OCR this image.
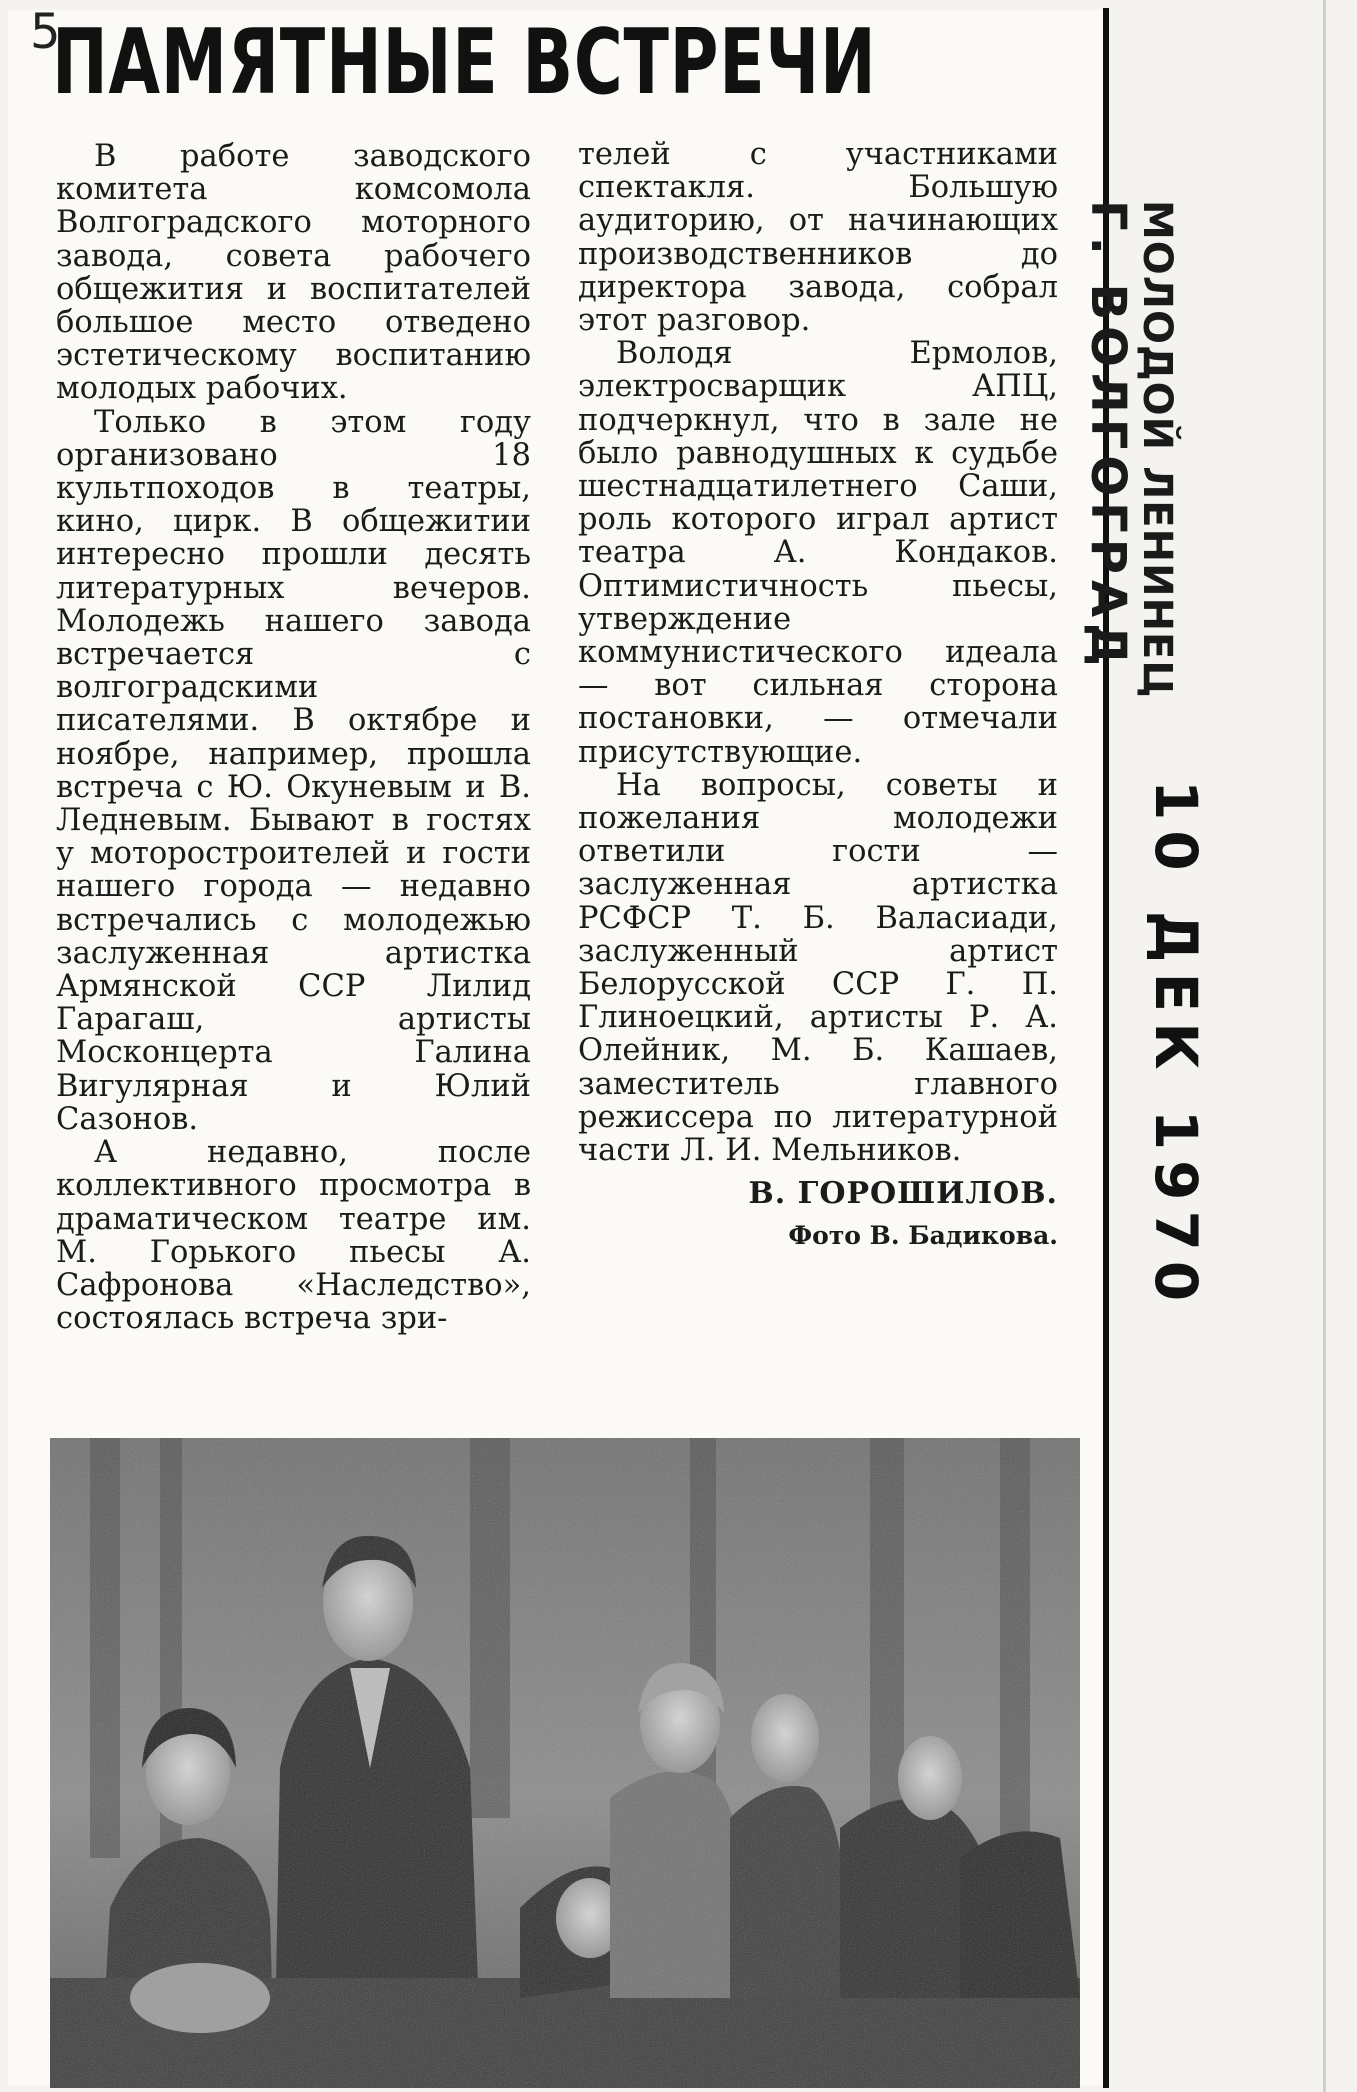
5
ПАМЯТНЫЕ ВСТРЕЧИ

В работе заводского комитета комсомола Волгоградского моторного завода, совета рабочего общежития и воспитателей большое место отведено эстетическому воспитанию молодых рабочих.

Только в этом году организовано 18 культпоходов в театры, кино, цирк. В общежитии интересно прошли десять литературных вечеров. Молодежь нашего завода встречается с волгоградскими писателями. В октябре и ноябре, например, прошла встреча с Ю. Окуневым и В. Ледневым. Бывают в гостях у моторостроителей и гости нашего города — недавно встречались с молодежью заслуженная артистка Армянской ССР Лилид Гарагаш, артисты Москонцерта Галина Вигулярная и Юлий Сазонов.

А недавно, после коллективного просмотра в драматическом театре им. М. Горького пьесы А. Сафронова «Наследство», состоялась встреча зри-

телей с участниками спектакля. Большую аудиторию, от начинающих производственников до директора завода, собрал этот разговор.

Володя Ермолов, электросварщик АПЦ, подчеркнул, что в зале не было равнодушных к судьбе шестнадцатилетнего Саши, роль которого играл артист театра А. Кондаков. Оптимистичность пьесы, утверждение коммунистического идеала — вот сильная сторона постановки, — отмечали присутствующие.

На вопросы, советы и пожелания молодежи ответили гости — заслуженная артистка РСФСР Т. Б. Валасиади, заслуженный артист Белорусской ССР Г. П. Глиноецкий, артисты Р. А. Олейник, М. Б. Кашаев, заместитель главного режиссера по литературной части Л. И. Мельников.

В. ГОРОШИЛОВ.
Фото В. Бадикова.
МОЛОДОЙ ЛЕНИНЕЦ
Г. ВОЛГОГРАД
10 ДЕК 1970
